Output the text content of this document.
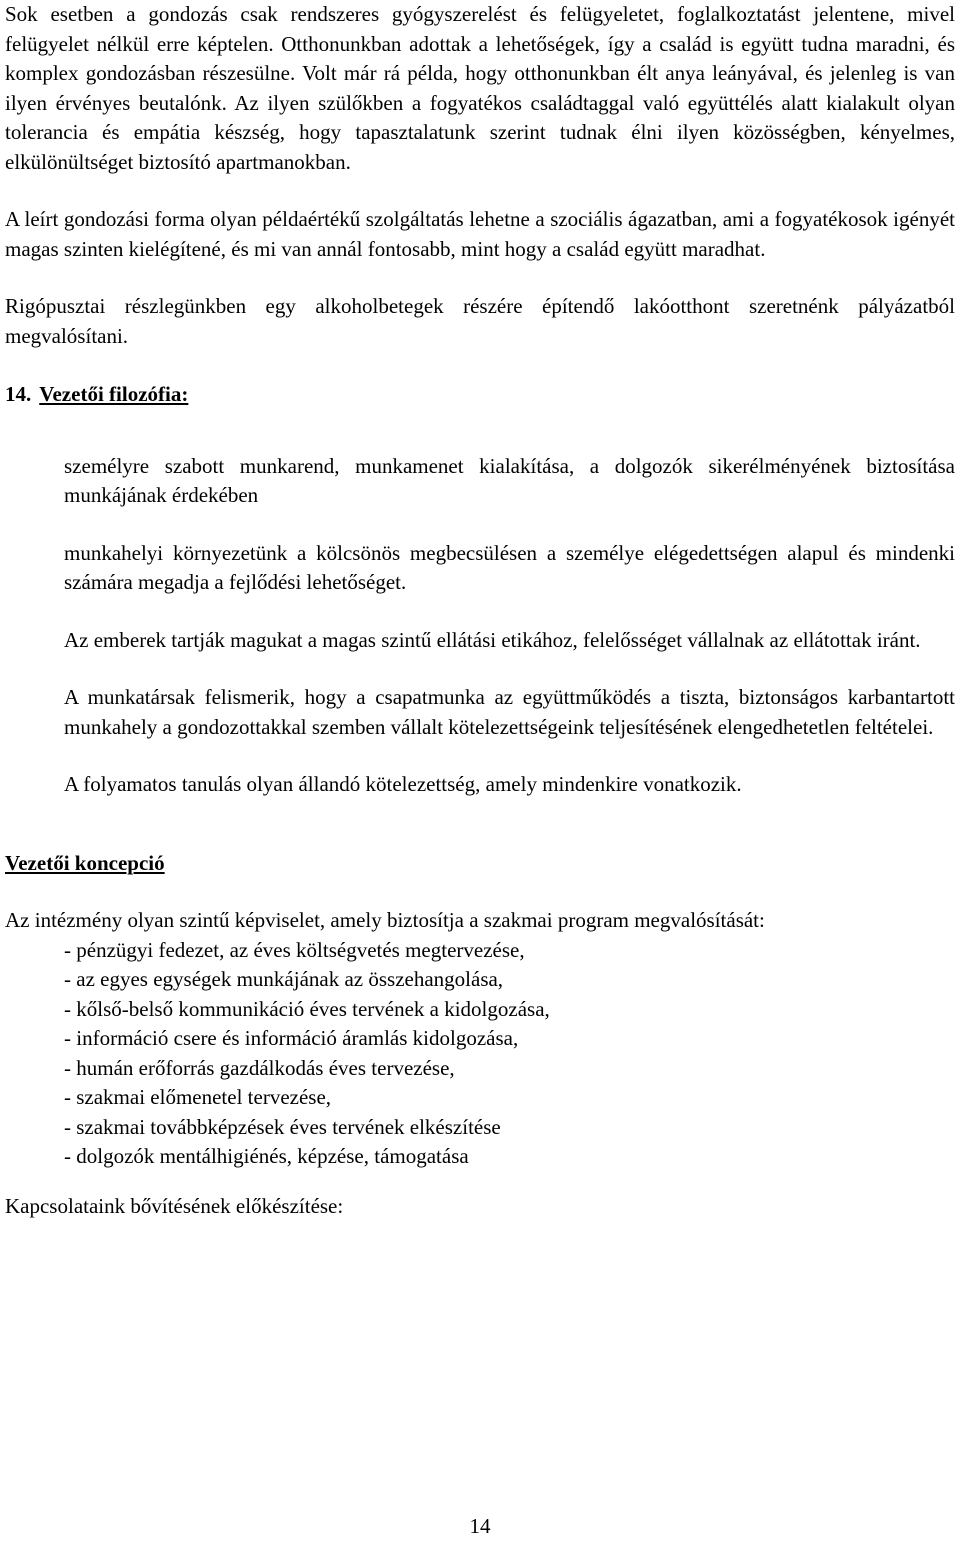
Sok esetben a gondozás csak rendszeres gyógyszerelést és felügyeletet, foglalkoztatást jelentene, mivel felügyelet nélkül erre képtelen. Otthonunkban adottak a lehetőségek, így a család is együtt tudna maradni, és komplex gondozásban részesülne. Volt már rá példa, hogy otthonunkban élt anya leányával, és jelenleg is van ilyen érvényes beutalónk. Az ilyen szülőkben a fogyatékos családtaggal való együttélés alatt kialakult olyan tolerancia és empátia készség, hogy tapasztalatunk szerint tudnak élni ilyen közösségben, kényelmes, elkülönültséget biztosító apartmanokban.

A leírt gondozási forma olyan példaértékű szolgáltatás lehetne a szociális ágazatban, ami a fogyatékosok igényét magas szinten kielégítené, és mi van annál fontosabb, mint hogy a család együtt maradhat.

Rigópusztai részlegünkben egy alkoholbetegek részére építendő lakóotthont szeretnénk pályázatból megvalósítani.

14. Vezetői filozófia:

személyre szabott munkarend, munkamenet kialakítása, a dolgozók sikerélményének biztosítása munkájának érdekében

munkahelyi környezetünk a kölcsönös megbecsülésen a személye elégedettségen alapul és mindenki számára megadja a fejlődési lehetőséget.

Az emberek tartják magukat a magas szintű ellátási etikához, felelősséget vállalnak az ellátottak iránt.

A munkatársak felismerik, hogy a csapatmunka az együttműködés a tiszta, biztonságos karbantartott munkahely a gondozottakkal szemben vállalt kötelezettségeink teljesítésének elengedhetetlen feltételei.

A folyamatos tanulás olyan állandó kötelezettség, amely mindenkire vonatkozik.

Vezetői koncepció

Az intézmény olyan szintű képviselet, amely biztosítja a szakmai program megvalósítását:

- pénzügyi fedezet, az éves költségvetés megtervezése,
- az egyes egységek munkájának az összehangolása,
- kőlső-belső kommunikáció éves tervének a kidolgozása,
- információ csere és információ áramlás kidolgozása,
- humán erőforrás gazdálkodás éves tervezése,
- szakmai előmenetel tervezése,
- szakmai továbbképzések éves tervének elkészítése
- dolgozók mentálhigiénés, képzése, támogatása

Kapcsolataink bővítésének előkészítése:

14
